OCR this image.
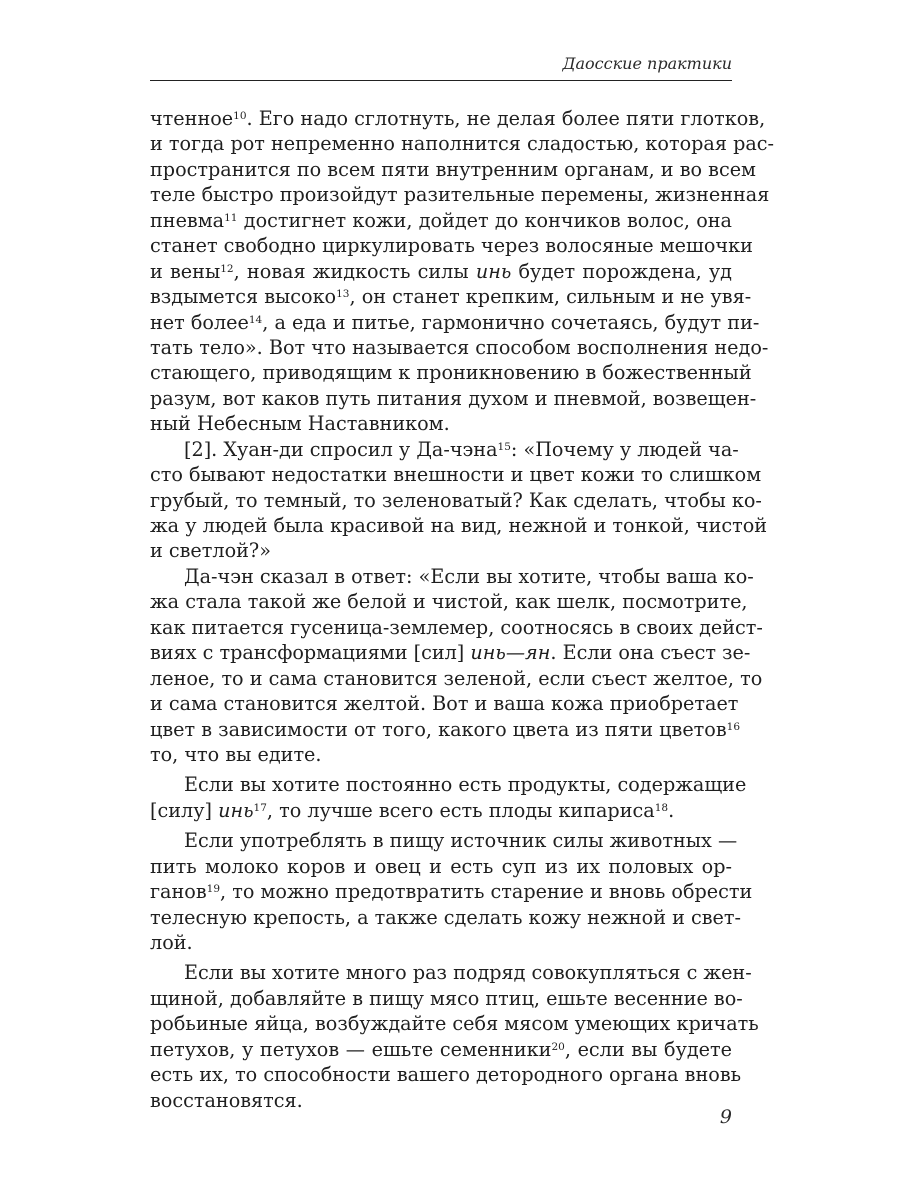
Даосские практики
чтенное$^{10}$. Его надо сглотнуть, не делая более пяти глотков,
и тогда рот непременно наполнится сладостью, которая рас-
пространится по всем пяти внутренним органам, и во всем
теле быстро произойдут разительные перемены, жизненная
пневма$^{11}$ достигнет кожи, дойдет до кончиков волос, она
станет свободно циркулировать через волосяные мешочки
и вены$^{12}$, новая жидкость силы инь будет порождена, уд
вздымется высоко$^{13}$, он станет крепким, сильным и не увя-
нет более$^{14}$, а еда и питье, гармонично сочетаясь, будут пи-
тать тело». Вот что называется способом восполнения недо-
стающего, приводящим к проникновению в божественный
разум, вот каков путь питания духом и пневмой, возвещен-
ный Небесным Наставником.
[2]. Хуан-ди спросил у Да-чэна$^{15}$: «Почему у людей ча-
сто бывают недостатки внешности и цвет кожи то слишком
грубый, то темный, то зеленоватый? Как сделать, чтобы ко-
жа у людей была красивой на вид, нежной и тонкой, чистой
и светлой?»
Да-чэн сказал в ответ: «Если вы хотите, чтобы ваша ко-
жа стала такой же белой и чистой, как шелк, посмотрите,
как питается гусеница-землемер, соотносясь в своих дейст-
виях с трансформациями [сил] инь—ян. Если она съест зе-
леное, то и сама становится зеленой, если съест желтое, то
и сама становится желтой. Вот и ваша кожа приобретает
цвет в зависимости от того, какого цвета из пяти цветов$^{16}$
то, что вы едите.
Если вы хотите постоянно есть продукты, содержащие
[силу] инь$^{17}$, то лучше всего есть плоды кипариса$^{18}$.
Если употреблять в пищу источник силы животных —
пить молоко коров и овец и есть суп из их половых ор-
ганов$^{19}$, то можно предотвратить старение и вновь обрести
телесную крепость, а также сделать кожу нежной и свет-
лой.
Если вы хотите много раз подряд совокупляться с жен-
щиной, добавляйте в пищу мясо птиц, ешьте весенние во-
робьиные яйца, возбуждайте себя мясом умеющих кричать
петухов, у петухов — ешьте семенники$^{20}$, если вы будете
есть их, то способности вашего детородного органа вновь
восстановятся.
9
